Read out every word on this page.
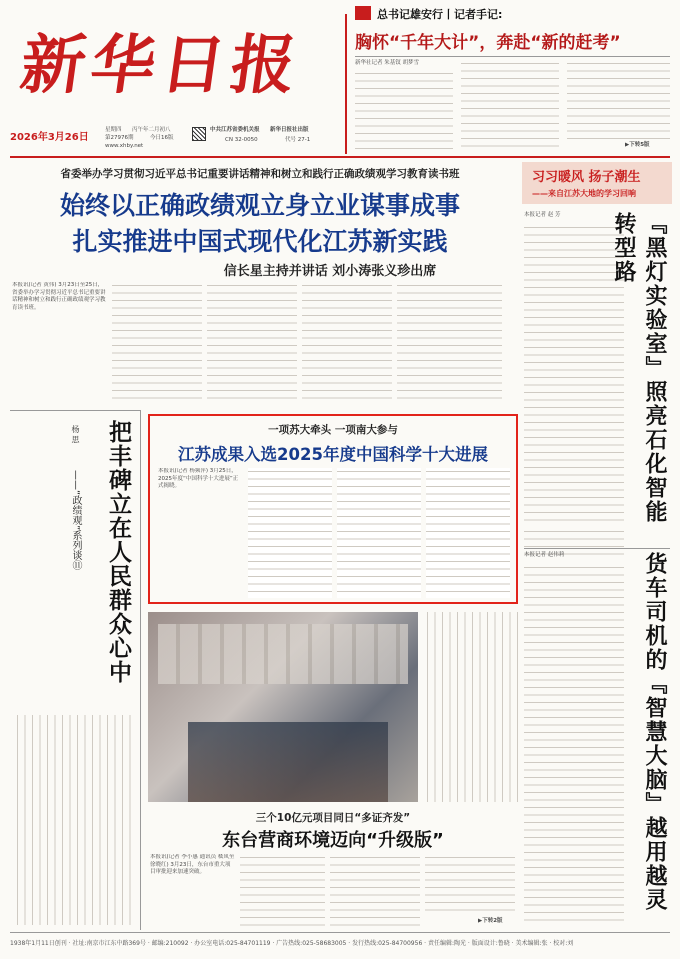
新华日报
2026年3月26日
星期四 丙午年二月初八
第27976期	今日16版
www.xhby.net
中共江苏省委机关报 新华日报社出版
CN 32-0050	代号 27-1
总书记雄安行丨记者手记:
胸怀“千年大计”，奔赴“新的赶考”
新华社记者 朱基钗 胡梦雪
▶下转5版
省委举办学习贯彻习近平总书记重要讲话精神和树立和践行正确政绩观学习教育读书班
始终以正确政绩观立身立业谋事成事
扎实推进中国式现代化江苏新实践
信长星主持并讲话 刘小涛张义珍出席
本报讯(记者 黄伟) 3月23日至25日，省委举办学习贯彻习近平总书记重要讲话精神和树立和践行正确政绩观学习教育读书班。
习习暖风 扬子潮生
——来自江苏大地的学习回响
本报记者 赵 芳	『黑灯实验室』照亮石化智能转型路
本报记者 赵伟莉	货车司机的『智慧大脑』越用越灵
把丰碑立在人民群众心中
——“政绩观”系列谈⑪
杨 思	一项苏大牵头 一项南大参与
江苏成果入选2025年度中国科学十大进展
本报讯(记者 杨频萍) 3月25日，2025年度“中国科学十大进展”正式揭晓。
三个10亿元项目同日“多证齐发”
东台营商环境迈向“升级版”
本报讯(记者 李小惠 通讯员 嵇凤至 徐晓红) 3月23日，东台市重大项目审批迎来加速突破。
▶下转2版
1938年1月11日创刊 · 社址:南京市江东中路369号 · 邮编:210092 · 办公室电话:025-84701119 · 广告热线:025-58683005 · 发行热线:025-84700956 · 责任编辑:陶光 · 版面设计:鲁晓 · 美术编辑:张 · 校对:刘
